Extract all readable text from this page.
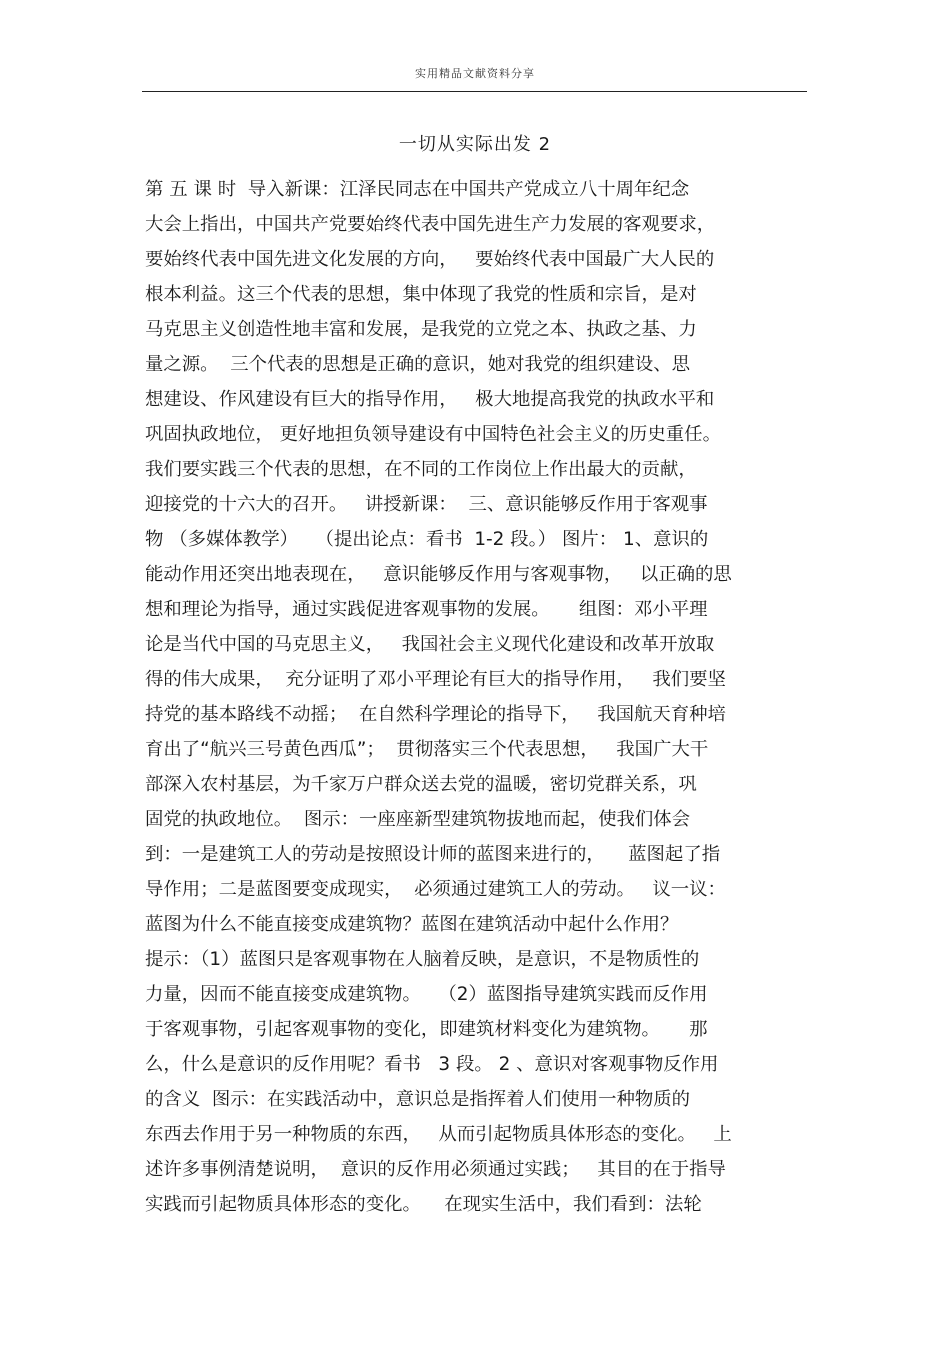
实用精品文献资料分享
一切从实际出发 2
第 五 课 时  导入新课：江泽民同志在中国共产党成立八十周年纪念
大会上指出，中国共产党要始终代表中国先进生产力发展的客观要求，
要始终代表中国先进文化发展的方向，   要始终代表中国最广大人民的
根本利益。这三个代表的思想，集中体现了我党的性质和宗旨，是对
马克思主义创造性地丰富和发展，是我党的立党之本、执政之基、力
量之源。  三个代表的思想是正确的意识，她对我党的组织建设、思
想建设、作风建设有巨大的指导作用，   极大地提高我党的执政水平和
巩固执政地位， 更好地担负领导建设有中国特色社会主义的历史重任。
我们要实践三个代表的思想，在不同的工作岗位上作出最大的贡献，
迎接党的十六大的召开。   讲授新课：  三、意识能够反作用于客观事
物 （多媒体教学）   （提出论点：看书  1-2 段。） 图片： 1、意识的
能动作用还突出地表现在，   意识能够反作用与客观事物，   以正确的思
想和理论为指导，通过实践促进客观事物的发展。     组图：邓小平理
论是当代中国的马克思主义，   我国社会主义现代化建设和改革开放取
得的伟大成果，  充分证明了邓小平理论有巨大的指导作用，   我们要坚
持党的基本路线不动摇；  在自然科学理论的指导下，   我国航天育种培
育出了“航兴三号黄色西瓜”；  贯彻落实三个代表思想，   我国广大干
部深入农村基层，为千家万户群众送去党的温暖，密切党群关系，巩
固党的执政地位。  图示：一座座新型建筑物拔地而起，使我们体会
到：一是建筑工人的劳动是按照设计师的蓝图来进行的，    蓝图起了指
导作用；二是蓝图要变成现实，  必须通过建筑工人的劳动。   议一议：
蓝图为什么不能直接变成建筑物？蓝图在建筑活动中起什么作用？
提示：（1）蓝图只是客观事物在人脑着反映，是意识，不是物质性的
力量，因而不能直接变成建筑物。   （2）蓝图指导建筑实践而反作用
于客观事物，引起客观事物的变化，即建筑材料变化为建筑物。     那
么，什么是意识的反作用呢？看书   3 段。 2 、意识对客观事物反作用
的含义  图示：在实践活动中，意识总是指挥着人们使用一种物质的
东西去作用于另一种物质的东西，   从而引起物质具体形态的变化。   上
述许多事例清楚说明，  意识的反作用必须通过实践；   其目的在于指导
实践而引起物质具体形态的变化。    在现实生活中，我们看到：法轮
